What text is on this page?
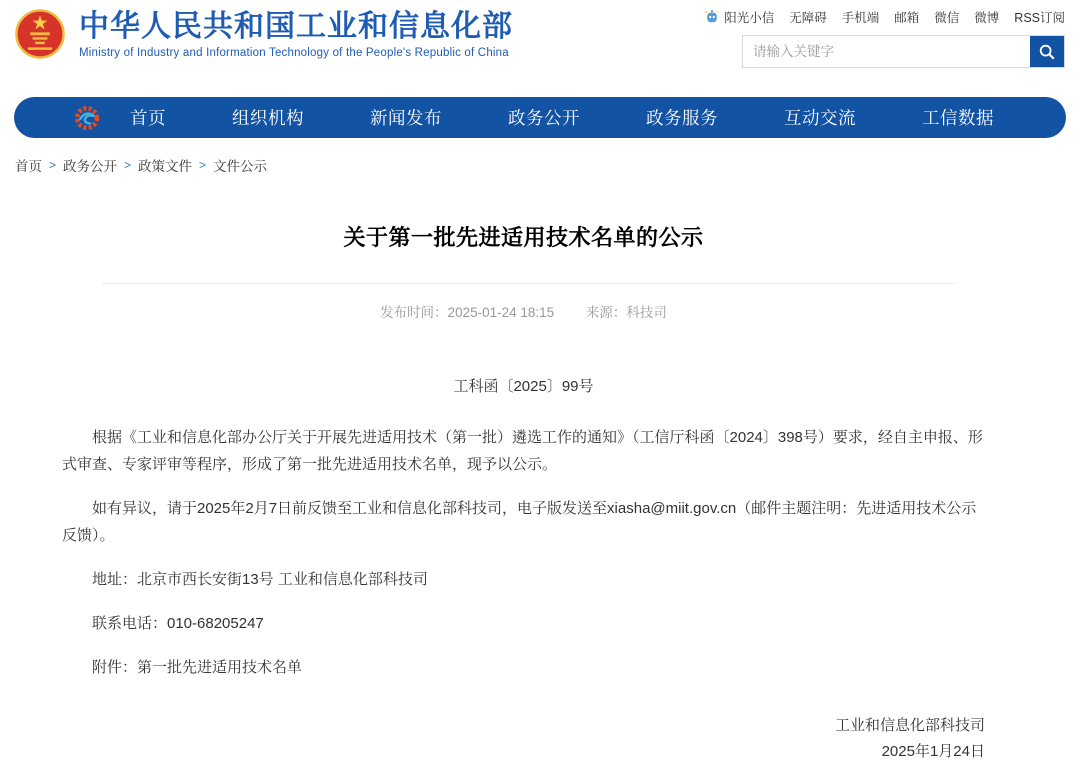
中华人民共和国工业和信息化部
Ministry of Industry and Information Technology of the People's Republic of China
阳光小信 无障碍 手机端 邮箱 微信 微博 RSS订阅
请输入关键字
首页	组织机构	新闻发布	政务公开	政务服务	互动交流	工信数据
首页 > 政务公开 > 政策文件 > 文件公示
关于第一批先进适用技术名单的公示
发布时间：2025-01-24 18:15 来源：科技司
工科函〔2025〕99号

根据《工业和信息化部办公厅关于开展先进适用技术（第一批）遴选工作的通知》（工信厅科函〔2024〕398号）要求，经自主申报、形式审查、专家评审等程序，形成了第一批先进适用技术名单，现予以公示。

如有异议，请于2025年2月7日前反馈至工业和信息化部科技司，电子版发送至xiasha@miit.gov.cn（邮件主题注明：先进适用技术公示反馈）。

地址：北京市西长安街13号 工业和信息化部科技司

联系电话：010-68205247

附件：第一批先进适用技术名单

工业和信息化部科技司
2025年1月24日
